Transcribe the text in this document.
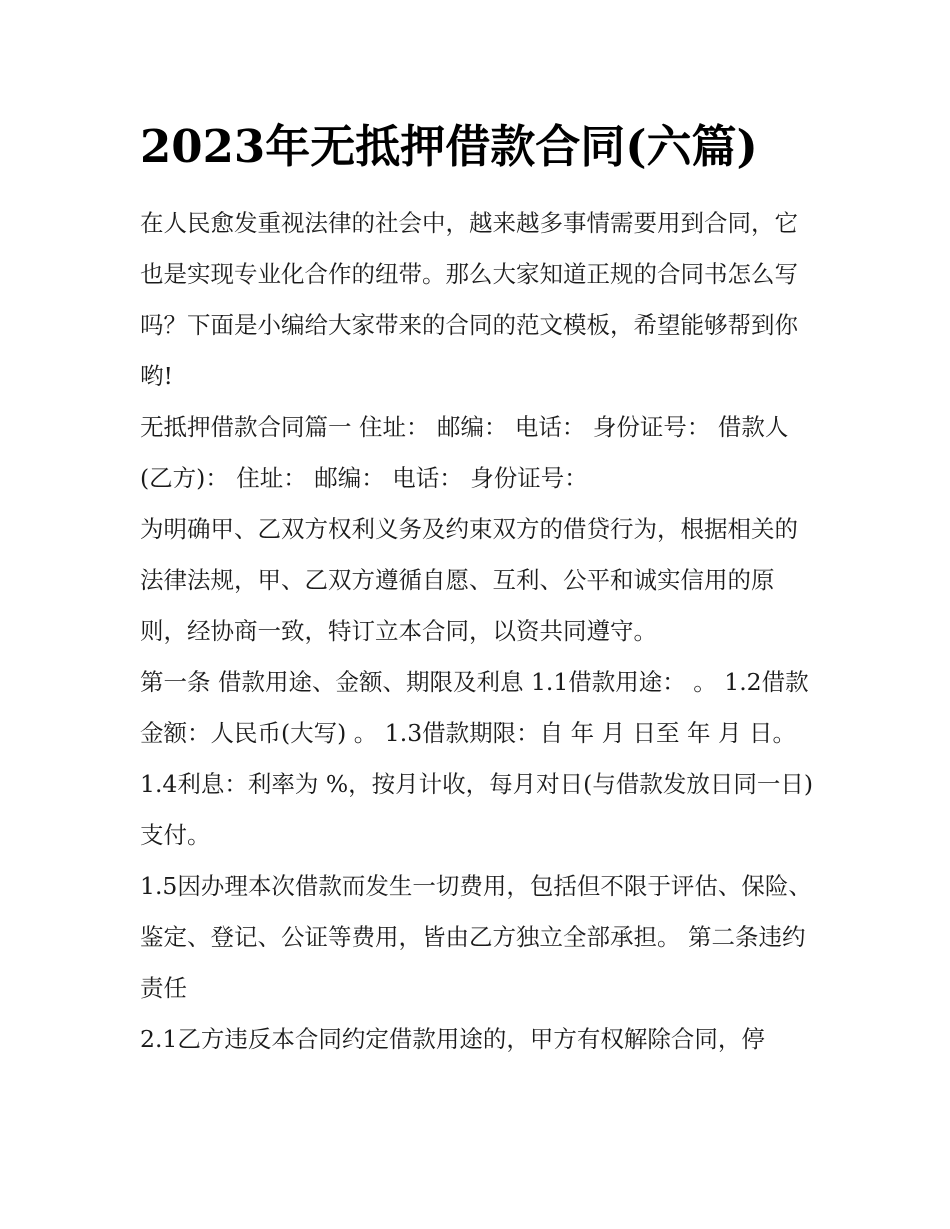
2023年无抵押借款合同(六篇)

在人民愈发重视法律的社会中，越来越多事情需要用到合同，它也是实现专业化合作的纽带。那么大家知道正规的合同书怎么写吗？下面是小编给大家带来的合同的范文模板，希望能够帮到你哟!

无抵押借款合同篇一 住址： 邮编： 电话： 身份证号： 借款人(乙方)： 住址： 邮编： 电话： 身份证号：

为明确甲、乙双方权利义务及约束双方的借贷行为，根据相关的法律法规，甲、乙双方遵循自愿、互利、公平和诚实信用的原则，经协商一致，特订立本合同，以资共同遵守。

第一条 借款用途、金额、期限及利息 1.1借款用途： 。 1.2借款金额：人民币(大写) 。 1.3借款期限：自 年 月 日至 年 月 日。

1.4利息：利率为 %，按月计收，每月对日(与借款发放日同一日)支付。

1.5因办理本次借款而发生一切费用，包括但不限于评估、保险、鉴定、登记、公证等费用，皆由乙方独立全部承担。 第二条违约责任

2.1乙方违反本合同约定借款用途的，甲方有权解除合同，停
